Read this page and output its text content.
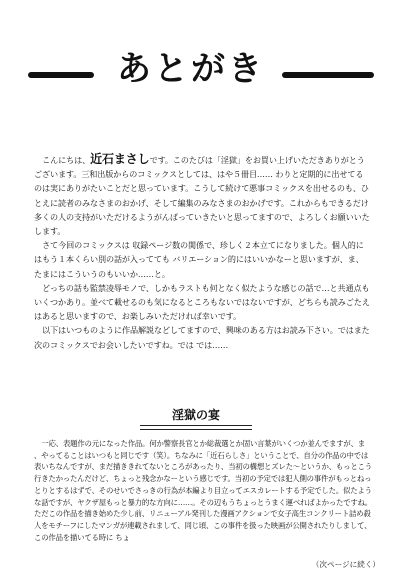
あとがき

こんにちは、近石まさしです。このたびは「淫獄」をお買い上げいただきありがとうございます。三和出版からのコミックスとしては、はや５冊目…… わりと定期的に出せてるのは実にありがたいことだと思っています。こうして続けて悪事コミックスを出せるのも、ひとえに読者のみなさまのおかげ、そして編集のみなさまのおかげです。これからもできるだけ多くの人の支持がいただけるようがんばっていきたいと思ってますので、よろしくお願いいたします。

さて今回のコミックスは 収録ページ数の関係で、珍しく２本立てになりました。個人的にはもう１本くらい別の話が入ってても バリエーション的にはいいかなーと思いますが、ま、たまにはこういうのもいいか……と。

どっちの話も監禁凌辱モノで、しかもラストも何となく似たような感じの話で…と共通点もいくつかあり。並べて載せるのも気になるところもないではないですが、どちらも読みごたえはあると思いますので、お楽しみいただければ幸いです。

以下はいつものように作品解説などしてますので、興味のある方はお読み下さい。ではまた次のコミックスでお会いしたいですね。では では……

淫獄の宴

一応、表題作の元になった作品。何か警察長官とか総裁選とか固い言葉がいくつか並んでますが、ま、やってることはいつもと同じです（笑）。ちなみに「近石らしさ」ということで、自分の作品の中では表いちなんですが、まだ描ききれてないところがあったり、当初の構想とズレた～というか、もっとこう行きたかったんだけど、ちょっと残念かなーという感じです。当初の予定では犯人側の事件がもっとねっとりとするはずで、そのせいでさっきの行為が本編より目立ってエスカレートする予定でした。似たような話ですが、ヤクザ屋もっと暴力的な方向に……。その辺もうちょっとうまく運べればよかったですね。ただこの作品を描き始めた少し前、リニューアル発刊した漫画アクションで女子高生コンクリート詰め殺人をモチーフにしたマンガが連載されまして、同じ頃、この事件を扱った映画が公開されたりしまして、この作品を描いてる時に ちょ

（次ページに続く）
